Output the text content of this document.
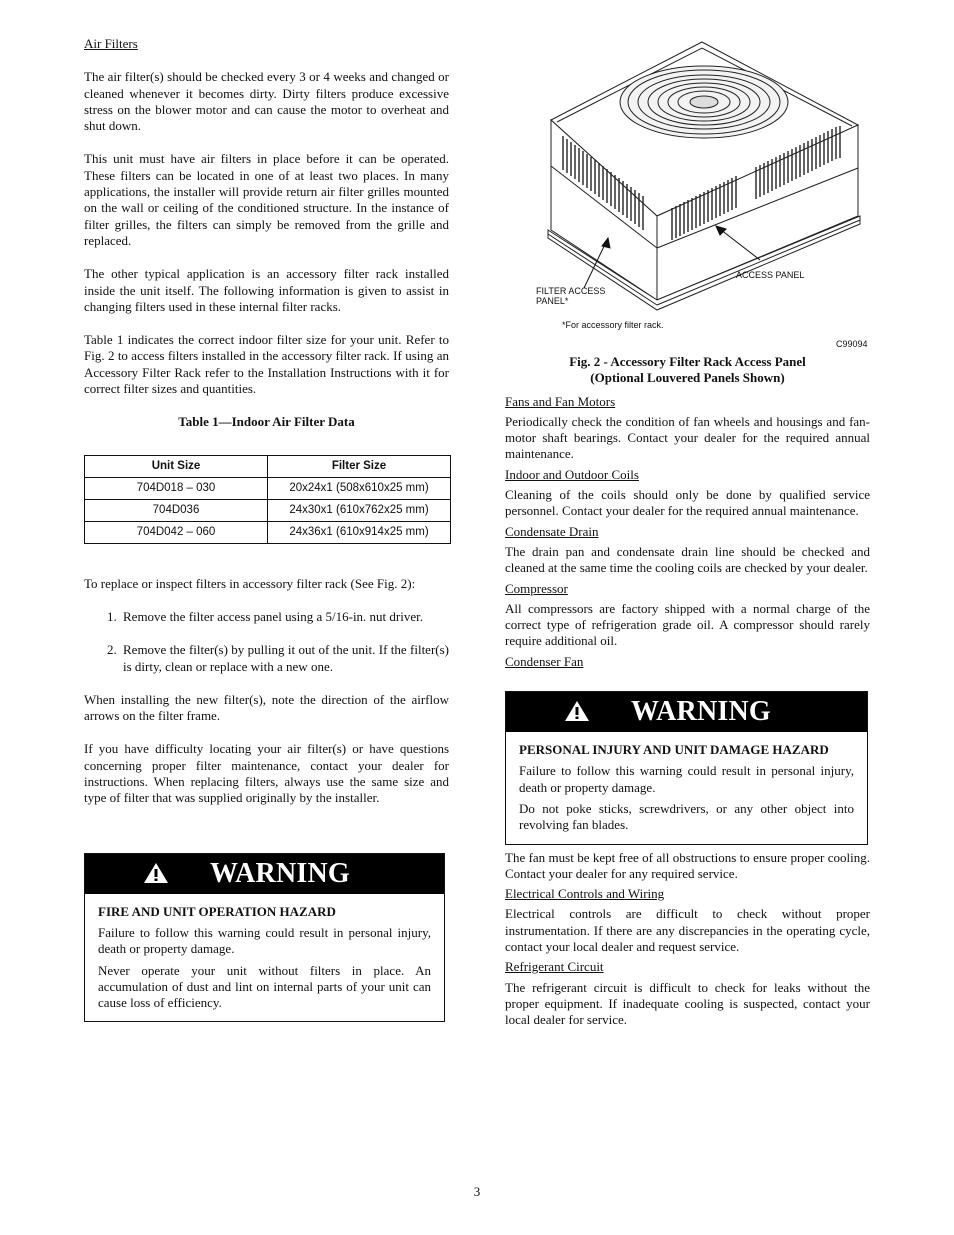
Air Filters

The air filter(s) should be checked every 3 or 4 weeks and changed or cleaned whenever it becomes dirty. Dirty filters produce excessive stress on the blower motor and can cause the motor to overheat and shut down.

This unit must have air filters in place before it can be operated. These filters can be located in one of at least two places. In many applications, the installer will provide return air filter grilles mounted on the wall or ceiling of the conditioned structure. In the instance of filter grilles, the filters can simply be removed from the grille and replaced.

The other typical application is an accessory filter rack installed inside the unit itself. The following information is given to assist in changing filters used in these internal filter racks.

Table 1 indicates the correct indoor filter size for your unit. Refer to Fig. 2 to access filters installed in the accessory filter rack. If using an Accessory Filter Rack refer to the Installation Instructions with it for correct filter sizes and quantities.

Table 1—Indoor Air Filter Data

Unit Size	Filter Size
704D018 – 030	20x24x1 (508x610x25 mm)
704D036	24x30x1 (610x762x25 mm)
704D042 – 060	24x36x1 (610x914x25 mm)

To replace or inspect filters in accessory filter rack (See Fig. 2):

1. Remove the filter access panel using a 5/16-in. nut driver.
2. Remove the filter(s) by pulling it out of the unit. If the filter(s) is dirty, clean or replace with a new one.

When installing the new filter(s), note the direction of the airflow arrows on the filter frame.

If you have difficulty locating your air filter(s) or have questions concerning proper filter maintenance, contact your dealer for instructions. When replacing filters, always use the same size and type of filter that was supplied originally by the installer.

WARNING

FIRE AND UNIT OPERATION HAZARD

Failure to follow this warning could result in personal injury, death or property damage.

Never operate your unit without filters in place. An accumulation of dust and lint on internal parts of your unit can cause loss of efficiency.

ACCESS PANEL
FILTER ACCESS
PANEL*
*For accessory filter rack.
C99094

Fig. 2 - Accessory Filter Rack Access Panel

(Optional Louvered Panels Shown)

Fans and Fan Motors

Periodically check the condition of fan wheels and housings and fan-motor shaft bearings. Contact your dealer for the required annual maintenance.

Indoor and Outdoor Coils

Cleaning of the coils should only be done by qualified service personnel. Contact your dealer for the required annual maintenance.

Condensate Drain

The drain pan and condensate drain line should be checked and cleaned at the same time the cooling coils are checked by your dealer.

Compressor

All compressors are factory shipped with a normal charge of the correct type of refrigeration grade oil. A compressor should rarely require additional oil.

Condenser Fan

WARNING

PERSONAL INJURY AND UNIT DAMAGE HAZARD

Failure to follow this warning could result in personal injury, death or property damage.

Do not poke sticks, screwdrivers, or any other object into revolving fan blades.

The fan must be kept free of all obstructions to ensure proper cooling. Contact your dealer for any required service.

Electrical Controls and Wiring

Electrical controls are difficult to check without proper instrumentation. If there are any discrepancies in the operating cycle, contact your local dealer and request service.

Refrigerant Circuit

The refrigerant circuit is difficult to check for leaks without the proper equipment. If inadequate cooling is suspected, contact your local dealer for service.

3
